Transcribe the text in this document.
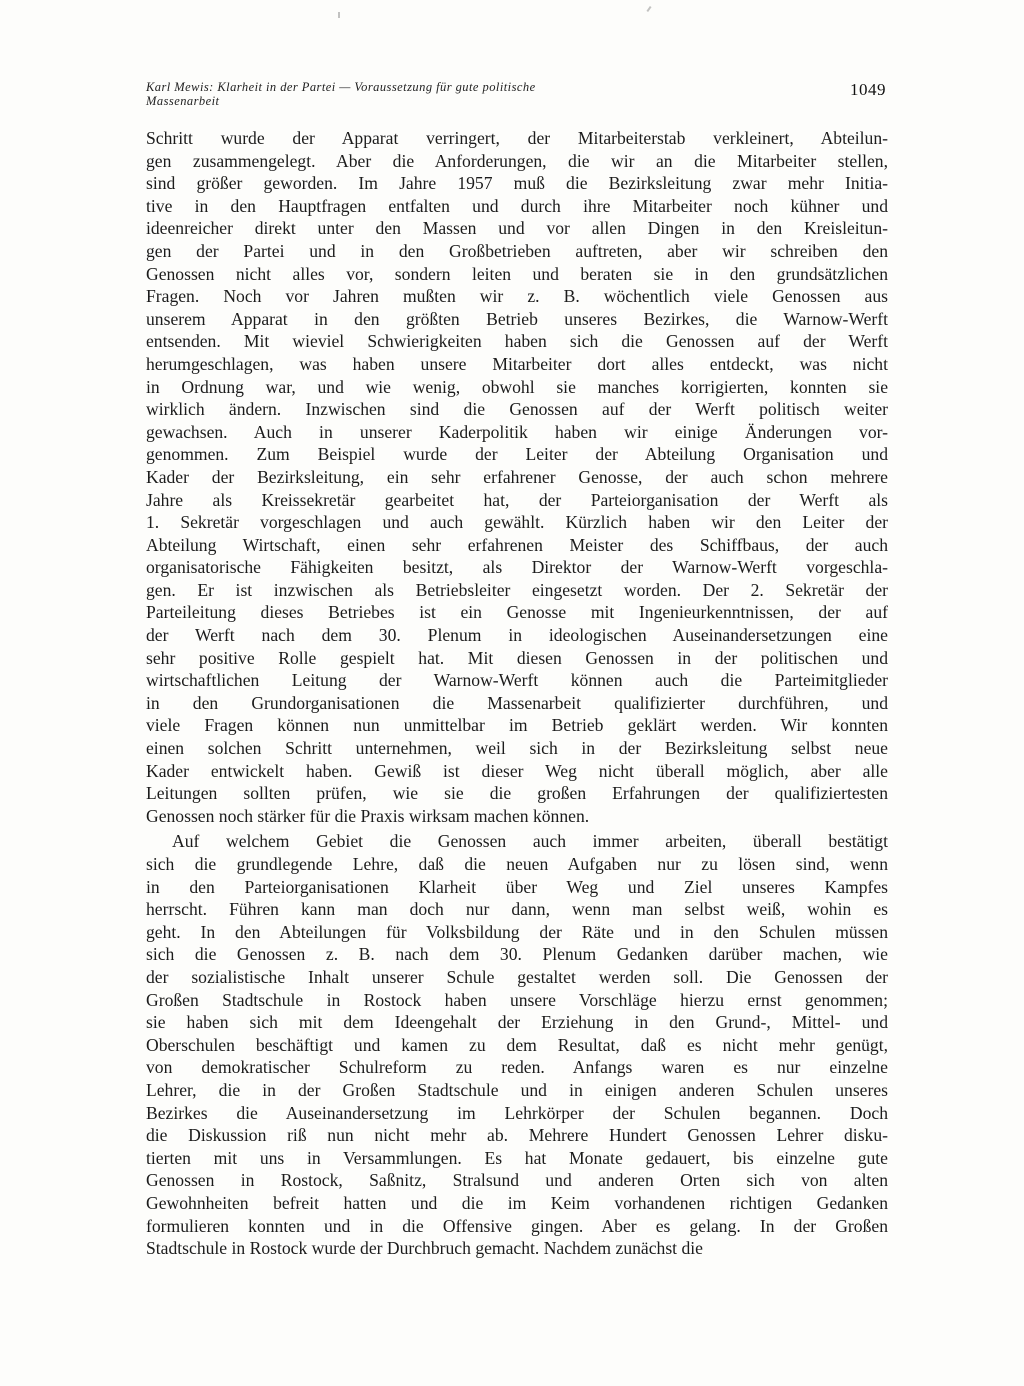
Karl Mewis: Klarheit in der Partei — Voraussetzung für gute politische
Massenarbeit
1049
Schritt wurde der Apparat verringert, der Mitarbeiterstab verkleinert, Abteilun-
gen zusammengelegt. Aber die Anforderungen, die wir an die Mitarbeiter stellen,
sind größer geworden. Im Jahre 1957 muß die Bezirksleitung zwar mehr Initia-
tive in den Hauptfragen entfalten und durch ihre Mitarbeiter noch kühner und
ideenreicher direkt unter den Massen und vor allen Dingen in den Kreisleitun-
gen der Partei und in den Großbetrieben auftreten, aber wir schreiben den
Genossen nicht alles vor, sondern leiten und beraten sie in den grundsätzlichen
Fragen. Noch vor Jahren mußten wir z. B. wöchentlich viele Genossen aus
unserem Apparat in den größten Betrieb unseres Bezirkes, die Warnow-Werft
entsenden. Mit wieviel Schwierigkeiten haben sich die Genossen auf der Werft
herumgeschlagen, was haben unsere Mitarbeiter dort alles entdeckt, was nicht
in Ordnung war, und wie wenig, obwohl sie manches korrigierten, konnten sie
wirklich ändern. Inzwischen sind die Genossen auf der Werft politisch weiter
gewachsen. Auch in unserer Kaderpolitik haben wir einige Änderungen vor-
genommen. Zum Beispiel wurde der Leiter der Abteilung Organisation und
Kader der Bezirksleitung, ein sehr erfahrener Genosse, der auch schon mehrere
Jahre als Kreissekretär gearbeitet hat, der Parteiorganisation der Werft als
1. Sekretär vorgeschlagen und auch gewählt. Kürzlich haben wir den Leiter der
Abteilung Wirtschaft, einen sehr erfahrenen Meister des Schiffbaus, der auch
organisatorische Fähigkeiten besitzt, als Direktor der Warnow-Werft vorgeschla-
gen. Er ist inzwischen als Betriebsleiter eingesetzt worden. Der 2. Sekretär der
Parteileitung dieses Betriebes ist ein Genosse mit Ingenieurkenntnissen, der auf
der Werft nach dem 30. Plenum in ideologischen Auseinandersetzungen eine
sehr positive Rolle gespielt hat. Mit diesen Genossen in der politischen und
wirtschaftlichen Leitung der Warnow-Werft können auch die Parteimitglieder
in den Grundorganisationen die Massenarbeit qualifizierter durchführen, und
viele Fragen können nun unmittelbar im Betrieb geklärt werden. Wir konnten
einen solchen Schritt unternehmen, weil sich in der Bezirksleitung selbst neue
Kader entwickelt haben. Gewiß ist dieser Weg nicht überall möglich, aber alle
Leitungen sollten prüfen, wie sie die großen Erfahrungen der qualifiziertesten
Genossen noch stärker für die Praxis wirksam machen können.
Auf welchem Gebiet die Genossen auch immer arbeiten, überall bestätigt
sich die grundlegende Lehre, daß die neuen Aufgaben nur zu lösen sind, wenn
in den Parteiorganisationen Klarheit über Weg und Ziel unseres Kampfes
herrscht. Führen kann man doch nur dann, wenn man selbst weiß, wohin es
geht. In den Abteilungen für Volksbildung der Räte und in den Schulen müssen
sich die Genossen z. B. nach dem 30. Plenum Gedanken darüber machen, wie
der sozialistische Inhalt unserer Schule gestaltet werden soll. Die Genossen der
Großen Stadtschule in Rostock haben unsere Vorschläge hierzu ernst genommen;
sie haben sich mit dem Ideengehalt der Erziehung in den Grund-, Mittel- und
Oberschulen beschäftigt und kamen zu dem Resultat, daß es nicht mehr genügt,
von demokratischer Schulreform zu reden. Anfangs waren es nur einzelne
Lehrer, die in der Großen Stadtschule und in einigen anderen Schulen unseres
Bezirkes die Auseinandersetzung im Lehrkörper der Schulen begannen. Doch
die Diskussion riß nun nicht mehr ab. Mehrere Hundert Genossen Lehrer disku-
tierten mit uns in Versammlungen. Es hat Monate gedauert, bis einzelne gute
Genossen in Rostock, Saßnitz, Stralsund und anderen Orten sich von alten
Gewohnheiten befreit hatten und die im Keim vorhandenen richtigen Gedanken
formulieren konnten und in die Offensive gingen. Aber es gelang. In der Großen
Stadtschule in Rostock wurde der Durchbruch gemacht. Nachdem zunächst die
